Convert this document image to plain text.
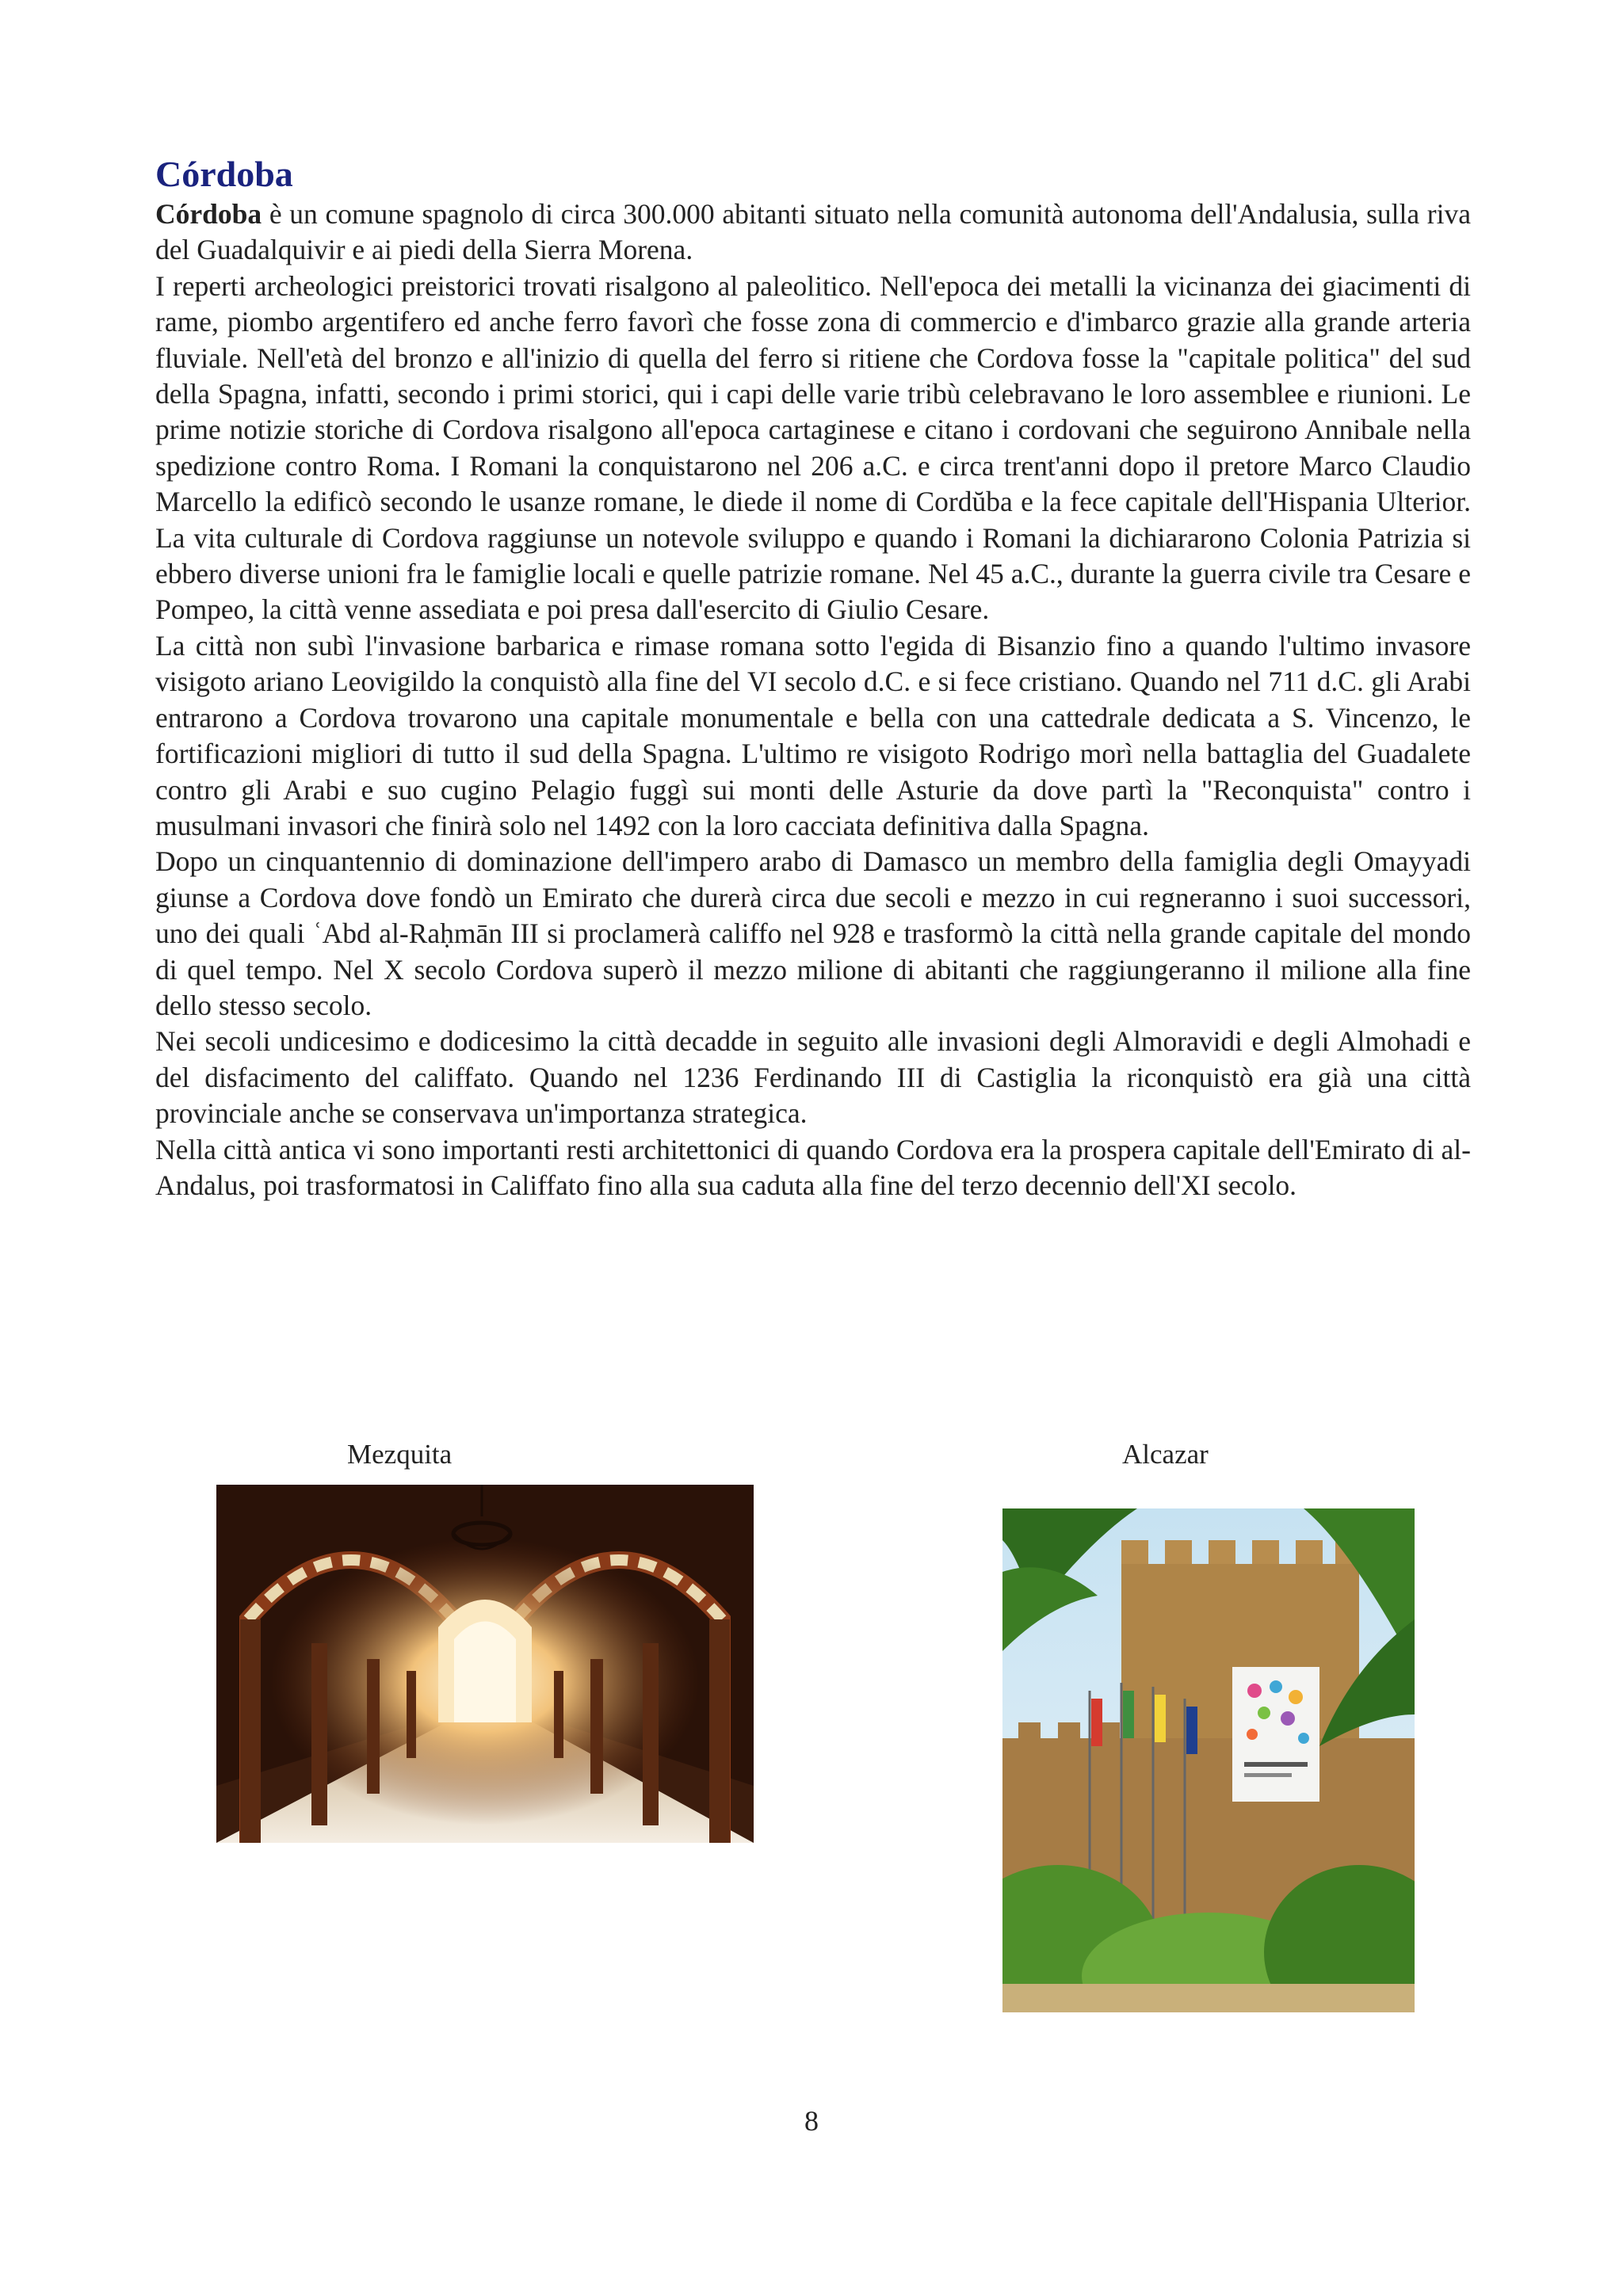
Córdoba

Córdoba è un comune spagnolo di circa 300.000 abitanti situato nella comunità autonoma dell'Andalusia, sulla riva del Guadalquivir e ai piedi della Sierra Morena.

I reperti archeologici preistorici trovati risalgono al paleolitico. Nell'epoca dei metalli la vicinanza dei giacimenti di rame, piombo argentifero ed anche ferro favorì che fosse zona di commercio e d'imbarco grazie alla grande arteria fluviale. Nell'età del bronzo e all'inizio di quella del ferro si ritiene che Cordova fosse la "capitale politica" del sud della Spagna, infatti, secondo i primi storici, qui i capi delle varie tribù celebravano le loro assemblee e riunioni. Le prime notizie storiche di Cordova risalgono all'epoca cartaginese e citano i cordovani che seguirono Annibale nella spedizione contro Roma. I Romani la conquistarono nel 206 a.C. e circa trent'anni dopo il pretore Marco Claudio Marcello la edificò secondo le usanze romane, le diede il nome di Cordŭba e la fece capitale dell'Hispania Ulterior. La vita culturale di Cordova raggiunse un notevole sviluppo e quando i Romani la dichiararono Colonia Patrizia si ebbero diverse unioni fra le famiglie locali e quelle patrizie romane. Nel 45 a.C., durante la guerra civile tra Cesare e Pompeo, la città venne assediata e poi presa dall'esercito di Giulio Cesare.

La città non subì l'invasione barbarica e rimase romana sotto l'egida di Bisanzio fino a quando l'ultimo invasore visigoto ariano Leovigildo la conquistò alla fine del VI secolo d.C. e si fece cristiano. Quando nel 711 d.C. gli Arabi entrarono a Cordova trovarono una capitale monumentale e bella con una cattedrale dedicata a S. Vincenzo, le fortificazioni migliori di tutto il sud della Spagna. L'ultimo re visigoto Rodrigo morì nella battaglia del Guadalete contro gli Arabi e suo cugino Pelagio fuggì sui monti delle Asturie da dove partì la "Reconquista" contro i musulmani invasori che finirà solo nel 1492 con la loro cacciata definitiva dalla Spagna.

Dopo un cinquantennio di dominazione dell'impero arabo di Damasco un membro della famiglia degli Omayyadi giunse a Cordova dove fondò un Emirato che durerà circa due secoli e mezzo in cui regneranno i suoi successori, uno dei quali ʿAbd al-Raḥmān III si proclamerà califfo nel 928 e trasformò la città nella grande capitale del mondo di quel tempo. Nel X secolo Cordova superò il mezzo milione di abitanti che raggiungeranno il milione alla fine dello stesso secolo.

Nei secoli undicesimo e dodicesimo la città decadde in seguito alle invasioni degli Almoravidi e degli Almohadi e del disfacimento del califfato. Quando nel 1236 Ferdinando III di Castiglia la riconquistò era già una città provinciale anche se conservava un'importanza strategica.

Nella città antica vi sono importanti resti architettonici di quando Cordova era la prospera capitale dell'Emirato di al-Andalus, poi trasformatosi in Califfato fino alla sua caduta alla fine del terzo decennio dell'XI secolo.

Mezquita	Alcazar
8
